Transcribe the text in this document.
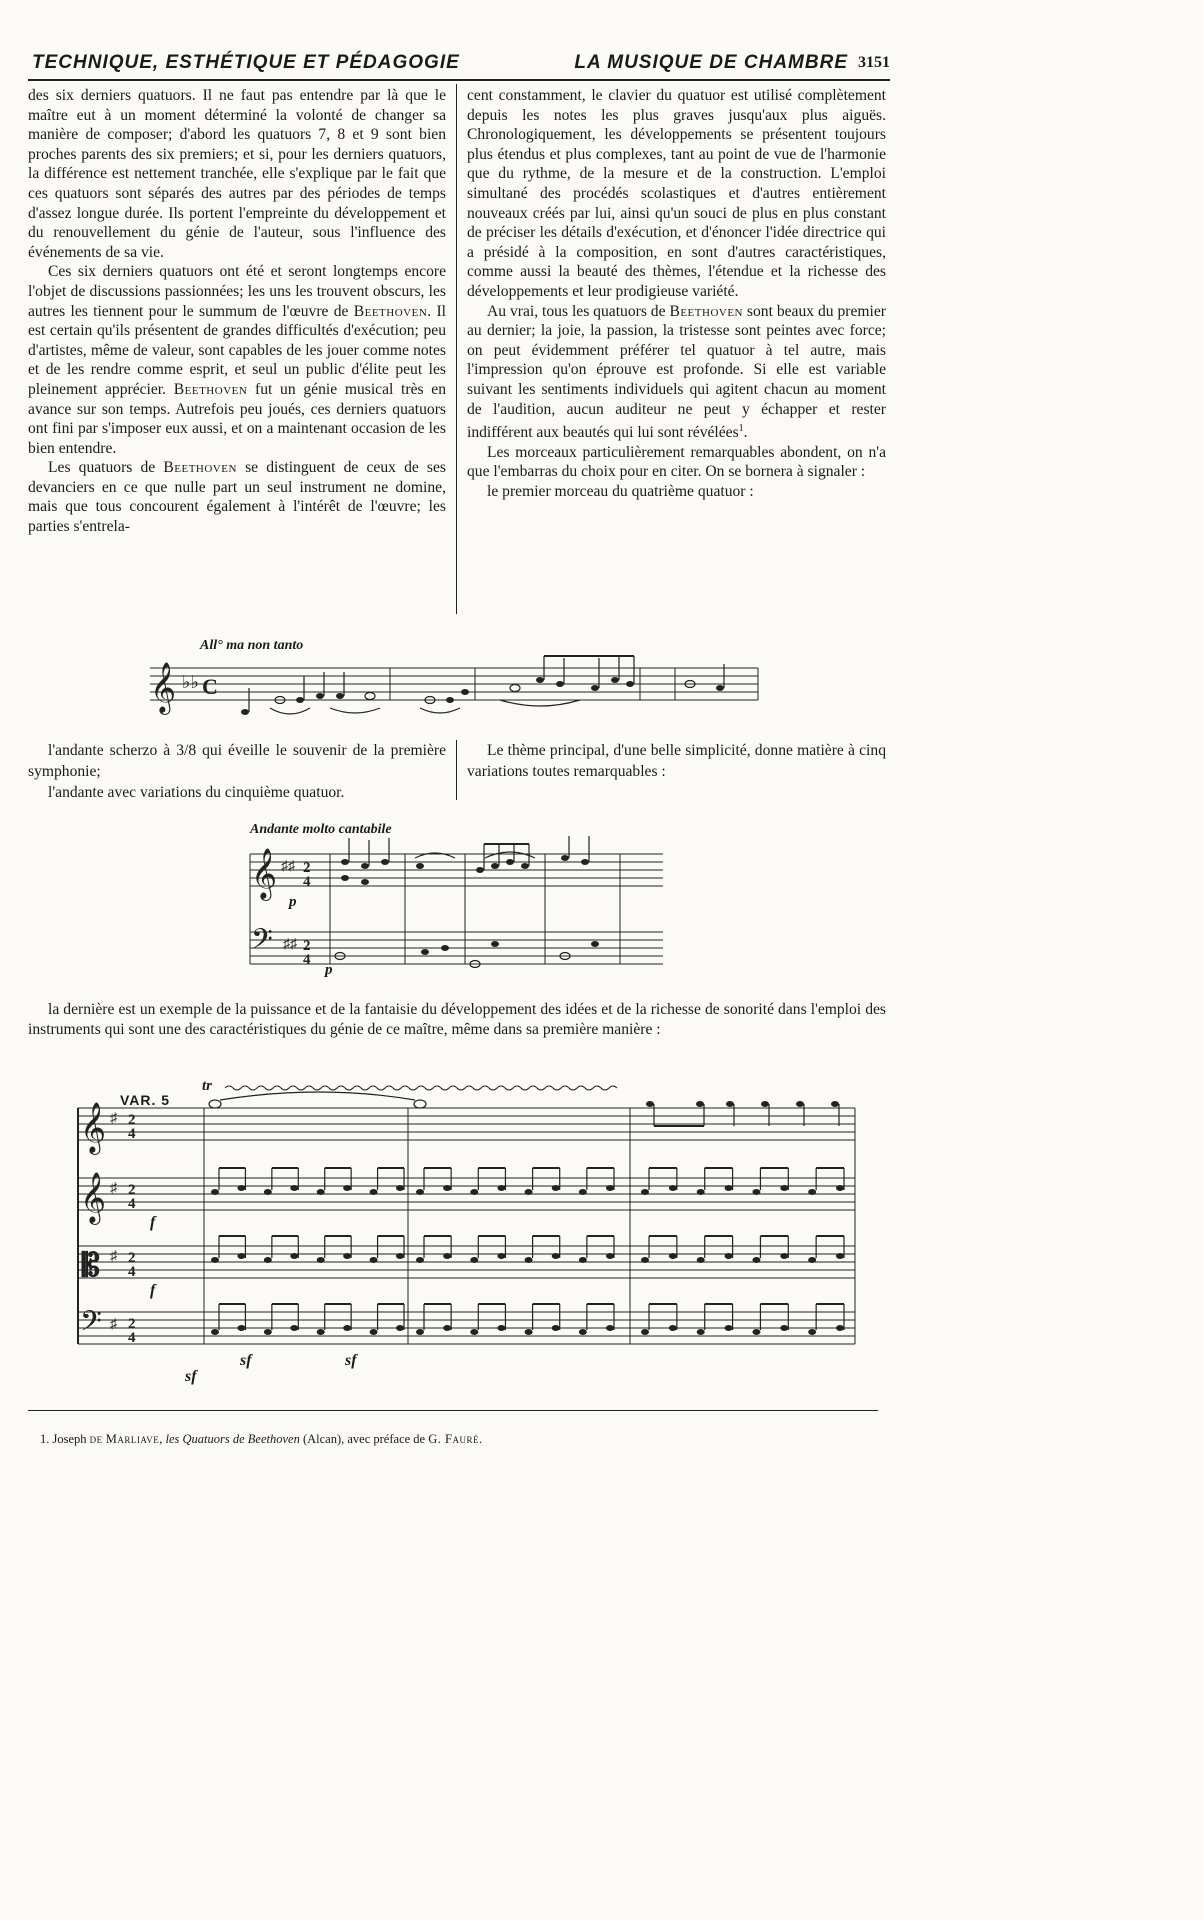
TECHNIQUE, ESTHÉTIQUE ET PÉDAGOGIE	LA MUSIQUE DE CHAMBRE 3151

des six derniers quatuors. Il ne faut pas entendre par là que le maître eut à un moment déterminé la volonté de changer sa manière de composer; d'abord les quatuors 7, 8 et 9 sont bien proches parents des six premiers; et si, pour les derniers quatuors, la différence est nettement tranchée, elle s'explique par le fait que ces quatuors sont séparés des autres par des périodes de temps d'assez longue durée. Ils portent l'empreinte du développement et du renouvellement du génie de l'auteur, sous l'influence des événements de sa vie.

Ces six derniers quatuors ont été et seront longtemps encore l'objet de discussions passionnées; les uns les trouvent obscurs, les autres les tiennent pour le summum de l'œuvre de Beethoven. Il est certain qu'ils présentent de grandes difficultés d'exécution; peu d'artistes, même de valeur, sont capables de les jouer comme notes et de les rendre comme esprit, et seul un public d'élite peut les pleinement apprécier. Beethoven fut un génie musical très en avance sur son temps. Autrefois peu joués, ces derniers quatuors ont fini par s'imposer eux aussi, et on a maintenant occasion de les bien entendre.

Les quatuors de Beethoven se distinguent de ceux de ses devanciers en ce que nulle part un seul instrument ne domine, mais que tous concourent également à l'intérêt de l'œuvre; les parties s'entrela-

cent constamment, le clavier du quatuor est utilisé complètement depuis les notes les plus graves jusqu'aux plus aiguës. Chronologiquement, les développements se présentent toujours plus étendus et plus complexes, tant au point de vue de l'harmonie que du rythme, de la mesure et de la construction. L'emploi simultané des procédés scolastiques et d'autres entièrement nouveaux créés par lui, ainsi qu'un souci de plus en plus constant de préciser les détails d'exécution, et d'énoncer l'idée directrice qui a présidé à la composition, en sont d'autres caractéristiques, comme aussi la beauté des thèmes, l'étendue et la richesse des développements et leur prodigieuse variété.

Au vrai, tous les quatuors de Beethoven sont beaux du premier au dernier; la joie, la passion, la tristesse sont peintes avec force; on peut évidemment préférer tel quatuor à tel autre, mais l'impression qu'on éprouve est profonde. Si elle est variable suivant les sentiments individuels qui agitent chacun au moment de l'audition, aucun auditeur ne peut y échapper et rester indifférent aux beautés qui lui sont révélées$^1$.

Les morceaux particulièrement remarquables abondent, on n'a que l'embarras du choix pour en citer. On se bornera à signaler :

le premier morceau du quatrième quatuor :

All° ma non tanto
𝄞 ♭♭ C

l'andante scherzo à 3/8 qui éveille le souvenir de la première symphonie;

l'andante avec variations du cinquième quatuor.

Le thème principal, d'une belle simplicité, donne matière à cinq variations toutes remarquables :

Andante molto cantabile
𝄞
𝄢
♯♯
♯♯
2
4
2
4
p
p

la dernière est un exemple de la puissance et de la fantaisie du développement des idées et de la richesse de sonorité dans l'emploi des instruments qui sont une des caractéristiques du génie de ce maître, même dans sa première manière :

VAR. 5
tr
𝄞
𝄞
𝄡
𝄢
♯
♯
♯
♯
2
4
2
4
2
4
2
4
f
f
sf
sf	sf
1. Joseph de Marliave, les Quatuors de Beethoven (Alcan), avec préface de G. Fauré.
